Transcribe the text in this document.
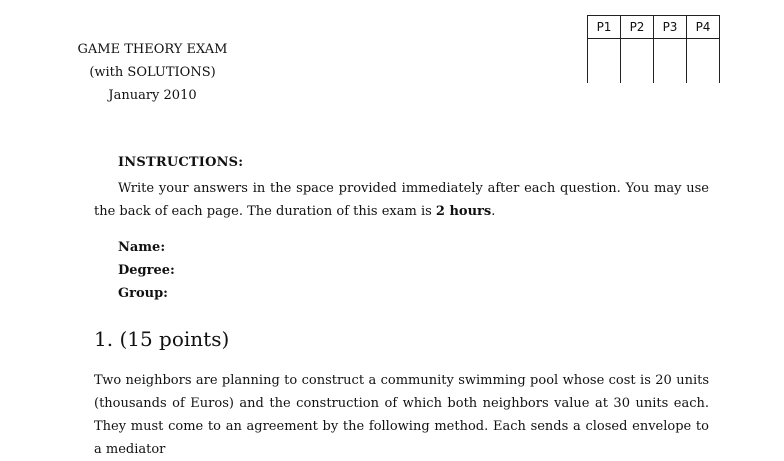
GAME THEORY EXAM
(with SOLUTIONS)
January 2010
P1	P2	P3	P4

INSTRUCTIONS:
Write your answers in the space provided immediately after each question. You may use the back of each page. The duration of this exam is 2 hours.
Name:
Degree:
Group:
1. (15 points)
Two neighbors are planning to construct a community swimming pool whose cost is 20 units (thousands of Euros) and the construction of which both neighbors value at 30 units each. They must come to an agreement by the following method. Each sends a closed envelope to a mediator
